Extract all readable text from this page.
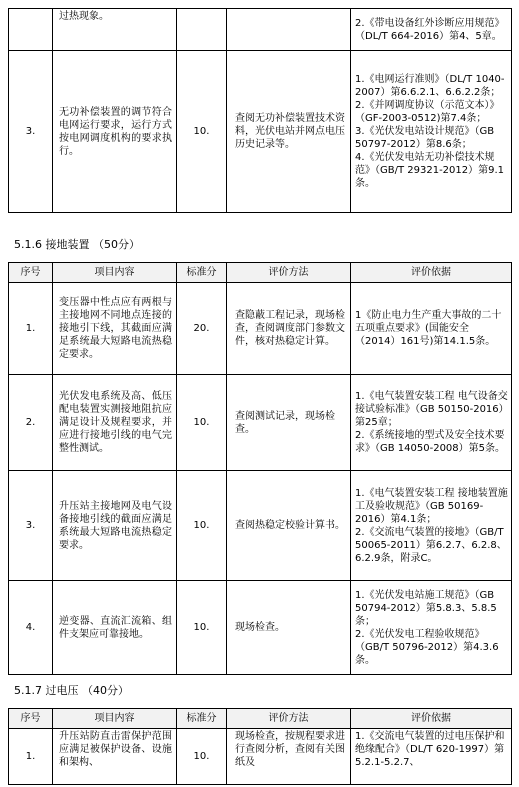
	过热现象。			2.《带电设备红外诊断应用规范》（DL/T 664-2016）第4、5章。

3.	无功补偿装置的调节符合电网运行要求，运行方式按电网调度机构的要求执行。	10.	查阅无功补偿装置技术资料，光伏电站并网点电压历史记录等。	1.《电网运行准则》（DL/T 1040-2007）第6.6.2.1、6.6.2.2条；
2.《并网调度协议（示范文本）》（GF-2003-0512)第7.4条；
3.《光伏发电站设计规范》（GB 50797-2012）第8.6条；
4.《光伏发电站无功补偿技术规范》（GB/T 29321-2012）第9.1条。
5.1.6 接地装置 （50分）
序号	项目内容	标准分	评价方法	评价依据
1.	变压器中性点应有两根与主接地网不同地点连接的接地引下线，其截面应满足系统最大短路电流热稳定要求。	20.	查隐蔽工程记录，现场检查，查阅调度部门参数文件，核对热稳定计算。	1《防止电力生产重大事故的二十五项重点要求》(国能安全（2014）161号)第14.1.5条。

2.	光伏发电系统及高、低压配电装置实测接地阻抗应满足设计及规程要求，并应进行接地引线的电气完整性测试。	10.	查阅测试记录，现场检查。	1.《电气装置安装工程 电气设备交接试验标准》（GB 50150-2016）第25章；
2.《系统接地的型式及安全技术要求》（GB 14050-2008）第5条。

3.	升压站主接地网及电气设备接地引线的截面应满足系统最大短路电流热稳定要求。	10.	查阅热稳定校验计算书。	1.《电气装置安装工程 接地装置施工及验收规范》（GB 50169-2016）第4.1条；
2.《交流电气装置的接地》（GB/T 50065-2011）第6.2.7、6.2.8、6.2.9条，附录C。

4.	逆变器、直流汇流箱、组件支架应可靠接地。	10.	现场检查。	1.《光伏发电站施工规范》（GB 50794-2012）第5.8.3、5.8.5条；
2.《光伏发电工程验收规范》（GB/T 50796-2012）第4.3.6条。
5.1.7 过电压 （40分）
序号	项目内容	标准分	评价方法	评价依据
1.	升压站防直击雷保护范围应满足被保护设备、设施和架构、	10.	现场检查，按规程要求进行查阅分析，查阅有关图纸及	1.《交流电气装置的过电压保护和绝缘配合》（DL/T 620-1997）第5.2.1-5.2.7、
